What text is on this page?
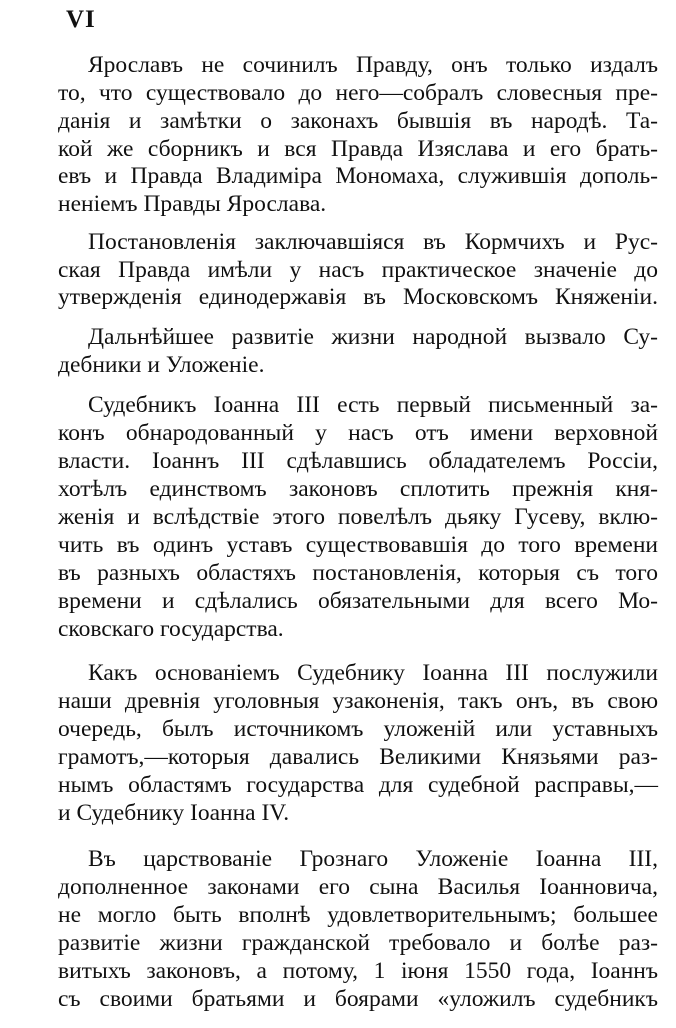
VI
Ярославъ не сочинилъ Правду, онъ только издалъ
то, что существовало до него—собралъ словесныя пре-
данія и замѣтки о законахъ бывшія въ народѣ. Та-
кой же сборникъ и вся Правда Изяслава и его брать-
евъ и Правда Владиміра Мономаха, служившія дополь-
неніемъ Правды Ярослава.
Постановленія заключавшіяся въ Кормчихъ и Рус-
ская Правда имѣли у насъ практическое значеніе до
утвержденія единодержавія въ Московскомъ Княженіи.
Дальнѣйшее развитіе жизни народной вызвало Су-
дебники и Уложеніе.
Судебникъ Іоанна III есть первый письменный за-
конъ обнародованный у насъ отъ имени верховной
власти. Іоаннъ III сдѣлавшись обладателемъ Россіи,
хотѣлъ единствомъ законовъ сплотить прежнія кня-
женія и вслѣдствіе этого повелѣлъ дьяку Гусеву, вклю-
чить въ одинъ уставъ существовавшія до того времени
въ разныхъ областяхъ постановленія, которыя съ того
времени и сдѣлались обязательными для всего Мо-
сковскаго государства.
Какъ основаніемъ Судебнику Іоанна III послужили
наши древнія уголовныя узаконенія, такъ онъ, въ свою
очередь, былъ источникомъ уложеній или уставныхъ
грамотъ,—которыя давались Великими Князьями раз-
нымъ областямъ государства для судебной расправы,—
и Судебнику Іоанна IV.
Въ царствованіе Грознаго Уложеніе Іоанна III,
дополненное законами его сына Василья Іоанновича,
не могло быть вполнѣ удовлетворительнымъ; большее
развитіе жизни гражданской требовало и болѣе раз-
витыхъ законовъ, а потому, 1 іюня 1550 года, Іоаннъ
съ своими братьями и боярами «уложилъ судебникъ
